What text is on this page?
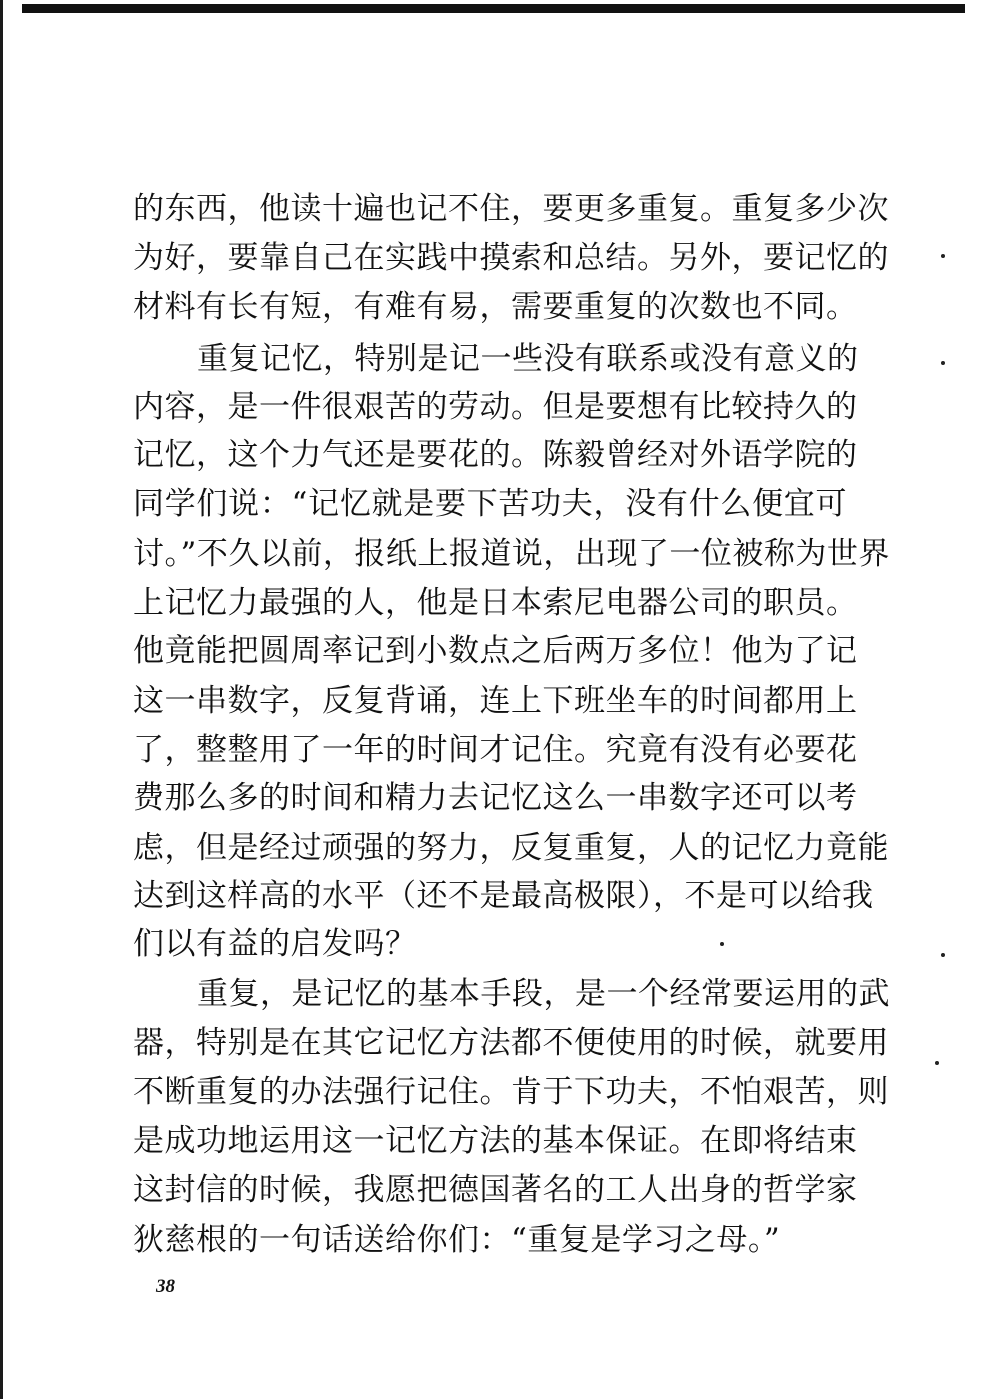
的东西，他读十遍也记不住，要更多重复。重复多少次
为好，要靠自己在实践中摸索和总结。另外，要记忆的
材料有长有短，有难有易，需要重复的次数也不同。
重复记忆，特别是记一些没有联系或没有意义的
内容，是一件很艰苦的劳动。但是要想有比较持久的
记忆，这个力气还是要花的。陈毅曾经对外语学院的
同学们说：“记忆就是要下苦功夫，没有什么便宜可
讨。”不久以前，报纸上报道说，出现了一位被称为世界
上记忆力最强的人，他是日本索尼电器公司的职员。
他竟能把圆周率记到小数点之后两万多位！他为了记
这一串数字，反复背诵，连上下班坐车的时间都用上
了，整整用了一年的时间才记住。究竟有没有必要花
费那么多的时间和精力去记忆这么一串数字还可以考
虑，但是经过顽强的努力，反复重复，人的记忆力竟能
达到这样高的水平（还不是最高极限），不是可以给我
们以有益的启发吗？
重复，是记忆的基本手段，是一个经常要运用的武
器，特别是在其它记忆方法都不便使用的时候，就要用
不断重复的办法强行记住。肯于下功夫，不怕艰苦，则
是成功地运用这一记忆方法的基本保证。在即将结束
这封信的时候，我愿把德国著名的工人出身的哲学家
狄慈根的一句话送给你们：“重复是学习之母。”
38
